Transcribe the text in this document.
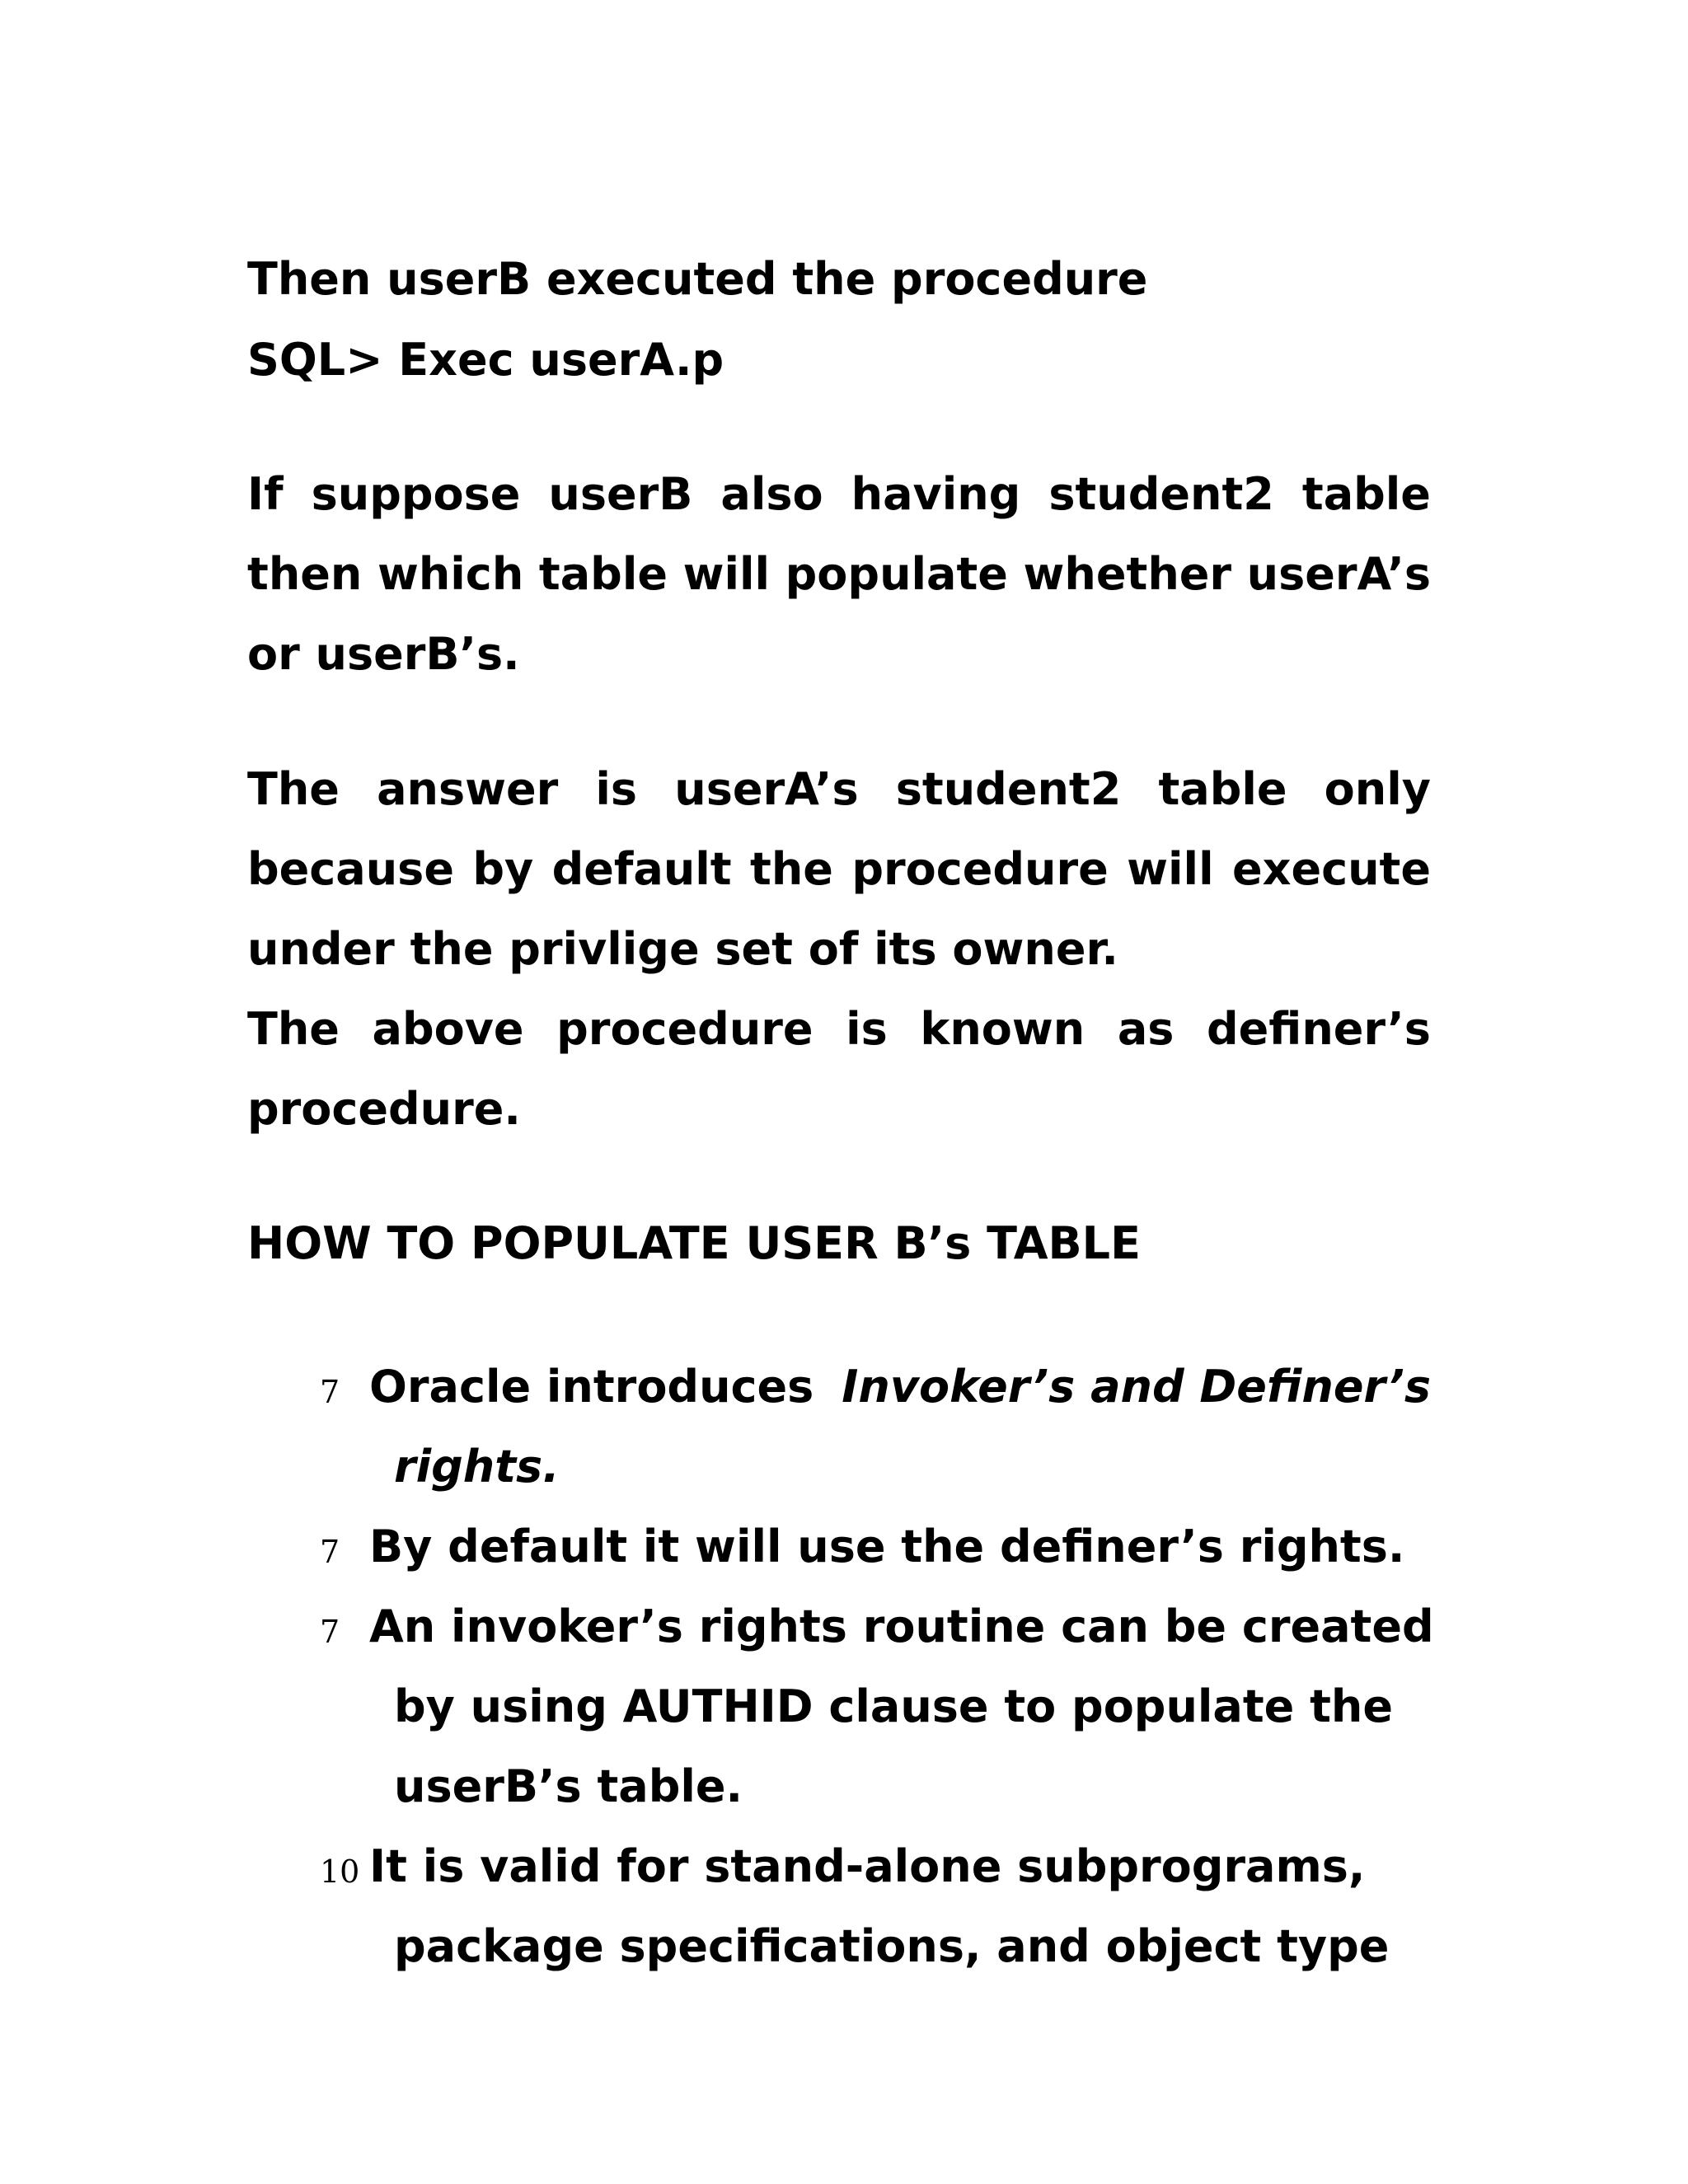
Then userB executed the procedure
SQL> Exec userA.p
If suppose userB also having student2 table
then which table will populate whether userA’s
or userB’s.
The answer is userA’s student2 table only
because by default the procedure will execute
under the privlige set of its owner.
The above procedure is known as definer’s
procedure.
HOW TO POPULATE USER B’s TABLE
7 Oracle introduces Invoker’s and Definer’s
rights.
7 By default it will use the definer’s rights.
7 An invoker’s rights routine can be created
by using AUTHID clause to populate the
userB’s table.
10 It is valid for stand-alone subprograms,
package specifications, and object type
